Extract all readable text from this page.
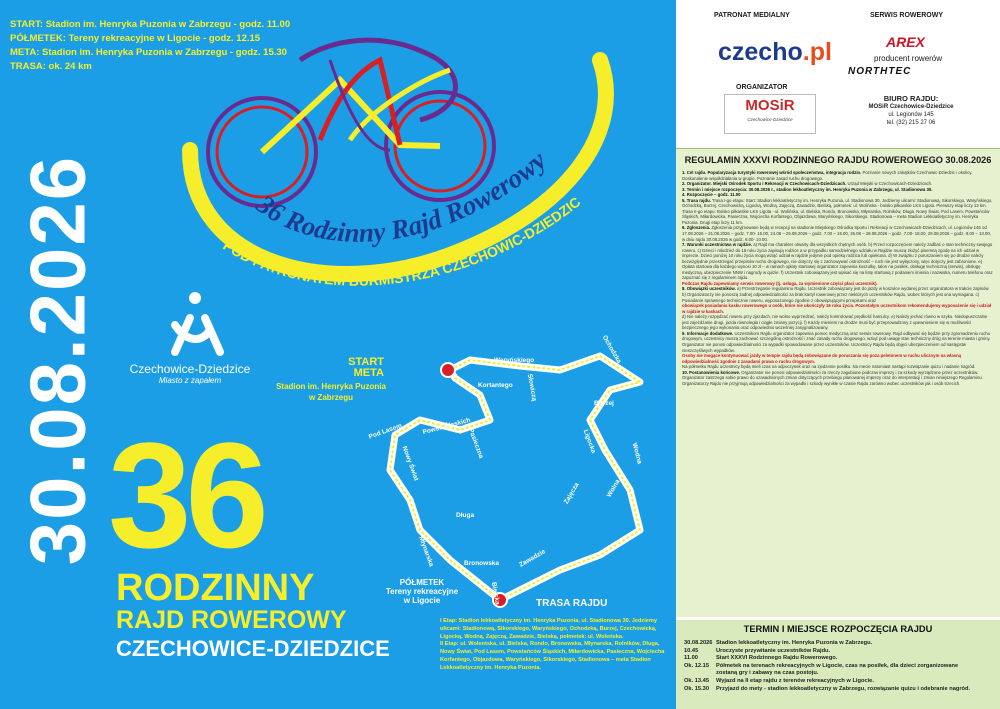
36 Rodzinny Rajd Rowerowy
POD PATRONATEM BURMISTRZA CZECHOWIC-DZIEDZIC
START: Stadion im. Henryka Puzonia w Zabrzegu - godz. 11.00
PÓŁMETEK: Tereny rekreacyjne w Ligocie - godz. 12.15
META: Stadion im. Henryka Puzonia w Zabrzegu - godz. 15.30
TRASA: ok. 24 km
Czechowice-Dziedzice
Miasto z zapałem
30.08.2026 36
RODZINNY
RAJD ROWEROWY
CZECHOWICE-DZIEDZICE
START
META
Stadion im. Henryka Puzonia
w Zabrzegu
Waryńskiego	Ochodzka
Kortantego
Burzej
Słowiczą
Powst. Śląskich
Pod Lasem	Pasieczna	Ligocka	Wodna
Nowy Świat
Zajęcza
Długa
Wolna
Bronowska	Zawadzie
Młynarska
Bielska
PÓŁMETEK
Tereny rekreacyjne
w Ligocie	TRASA RAJDU
I Etap: Stadion lekkoatletyczny im. Henryka Puzonia, ul. Stadionowa 30. Jedziemy ulicami: Stadionową, Sikorskiego, Waryńskiego, Ochodzką, Burzej, Czechowicką, Ligocką, Wodną, Zajęczą, Zawadzie, Bielską, połmetek: ul. Woleńska.
II Etap: ul. Wolentska, ul. Bielska, Rondo, Bronowska, Młynarska, Rolników, Długa, Nowy Świat, Pod Lasem, Powstańców Śląskich, Miłardowicka, Pasieczna, Wojciecha Korfantego, Objazdowa, Waryńskiego, Sikorskiego, Stadionowa – meta Stadion Lekkoatletyczny im. Henryka Puzonia.
PATRONAT MEDIALNY	SERWIS ROWEROWY
czecho.pl	AREX
producent rowerów
NORTHTEC
ORGANIZATOR
MOSiR
Czechowice-Dziedzice
BIURO RAJDU:
MOSiR Czechowice-Dziedzice
ul. Legionów 145
tel. (32) 215 27 06
REGULAMIN XXXVI RODZINNEGO RAJDU ROWEROWEGO 30.08.2026

1. Cel rajdu. Popularyzacja turystyki rowerowej wśród społeczeństwa, integracja rodzin. Poznanie nowych zakątków Czechowic-Dziedzic i okolicy. Doskonalenie współdziałania w grupie. Poznanie zasad ruchu drogowego.

2. Organizator. Miejski Ośrodek Sportu i Rekreacji w Czechowicach-Dziedzicach. Urząd Miejski w Czechowicach-Dziedzicach.

3. Termin i miejsce rozpoczęcia: 30.08.2026 r., stadion lekkoatletyczny im. Henryka Puzonia w Zabrzegu, ul. Stadionowa 30.

4. Rozpoczęcie – godz. 11.00

5. Trasa rajdu. Trasa I-go etapu: Start: Stadion lekkoatletyczny im. Henryka Puzonia, ul. Stadionowa 30. Jedziemy ulicami: Stadionową, Sikorskiego, Waryńskiego, Ochodzką, Burzej, Czechowicką, Ligocką, Wodną, Zajęczą, Zawadzie, Bielską, połmetek: ul. Wolińska - boisko piłkarskie LKS Ligota. Pierwszy etap liczy 13 km. Trasa II-go etapu: Boisko piłkarskie LKS Ligota - ul. Wolińska, ul. Bielska, Rondo, Bronowska, Młynarska, Rolników, Długa, Nowy Świat, Pod Lasem, Powstańców Śląskich, Miłardowicka, Pasieczna, Wojciecha Korfantego, Objazdowa, Waryńskiego, Sikorskiego, Stadionowa – meta Stadion Lekkoatletyczny im. Henryka Puzonia. Drugi etap liczy 11 km.

6. Zgłoszenia. Zgłoszenia przyjmowane będą w recepcji na stadionie Miejskiego Ośrodka Sportu i Rekreacji w Czechowicach-Dziedzicach, ul. Legionów 145 od 17.08.2026 – 21.08.2026 – godz. 7.00- 15.00, 24.08 – 25.08.2026 – godz. 7.00 – 15.00, 26.08 – 28.08.2026 – godz. 7.00- 18.00, 29.08.2026 – godz. 9.00 – 13.00, w dniu rajdu 30.08.2026 w godz. 8.00- 10.00.

7. Warunki uczestnictwa w rajdzie. a) Rajd ma charakter otwarty dla wszystkich chętnych osób. b) Przed rozpoczęciem należy zadbać o stan techniczny swojego roweru. c) Dzieci i młodzież do 18 roku życia zapisują rodzice a w przypadku samodzielnego udziału w Rajdzie muszą złożyć pisemną zgodę na ich udział w imprezie. Dzieci poniżej 10 roku życia mogą wziąć udział w rajdzie jedynie pod opieką rodzica lub opiekuna. d) W związku z poruszaniem się po drodze należy bezwzględnie przestrzegać przepisów ruchu drogowego, nie dotyczy się z zachowywać ostrożność – ruch nie jest wyłączony, więc dotyczy jest zabronione. e) Opłata startowa dla każdego wynosi 10 zł – w ramach opłaty startowej organizator zapewnia koszulkę, talon na posiłek, obsługę techniczną (serwis), obsługę medyczną, ubezpieczenie NNW i nagrody w quizie. f) Uczestnik zobowiązany jest wpisać się na listę startową z podaniem imienia i nazwiska, numeru telefonu oraz zapoznać się z regulaminem rajdu.

Podczas Rajdu zapewniamy serwis rowerowy (tj. usługa, za wymienione części płaci uczestnik).

8. Obowiązki uczestników. a) Przestrzeganie regulaminu Rajdu. Uczestnik zobowiązany jest do jazdy w koszulce wydanej przez organizatora w trakcie zapisów. b) Organizatorzy nie ponoszą żadnej odpowiedzialności za brak kartyl rowerowej przez niektórych uczestników Rajdu, wobec których jest ona wymagana. c) Posiadanie sprawnego technicznie roweru, wyposażonego zgodnie z obowiązującymi przepisami oraz

obowiązek posiadania kasku rowerowego u osób, które nie ukończyły 16 roku życia. Pozostałym uczestnikom rekomendujemy wyposażenie się i udział w rajdzie w kaskach.

d) Nie należy rozpędzać roweru przy zjazdach, nie wolno wyprzedzać, należy kontrolować prędkość hamulcy. e) Należy jechać równo w szyku. Niedopuszczalne jest zajeżdżanie drogi, jazda równoległa i ciągłe zmiany pozycji. f) Każdy mieniem na drodze musi być przeprowadzony z upewnieniem się w możliwości bezpiecznego jego wykonania oraz odpowiednio wcześniej zasygnalizowany.

9. Informacje dodatkowe. Uczestnikom Rajdu organizator zapewnia pomoc medyczną oraz serwis rowerowy. Rajd odbywać się będzie przy zgromadzeniu ruchu drogowym, uczestnicy muszą zachować szczególną ostrożność i znać zasady ruchu drogowego, wziąć pod uwagę stan techniczny dróg na terenie miasta i gminy. Organizator nie ponosi odpowiedzialności za wypadki spowodowane przez uczestników. Uczestnicy Rajdu będą objęci ubezpieczeniem od następstw nieszczęśliwych wypadków.

Osoby nie mogące kontynuować jazdy w tempie rajdu będą zobowiązane do poruszania się poza peletonem w ruchu ulicznym na własną odpowiedzialność zgodnie z zasadami prawa o ruchu drogowym.

Na półmetku Rajdu uczestnicy będą mieli czas na odpoczynek oraz na zjedzenie posiłku. Na mecie natomiast nastąpi rozwiązanie quizu i nadanie nagród.

10. Postanowienia końcowe. Organizator nie ponosi odpowiedzialności za rzeczy zagubione podczas imprezy i za szkody wyrządzone przez uczestników. Organizator zastrzega sobie prawo do uzasadnionych zmian dotyczących przebiegu planowanej imprezy oraz do interpretacji i zmian niniejszego Regulaminu. Organizatorzy Rajdu nie przyjmują odpowiedzialności za wypadki i szkody wynikłe w czasie Rajdu zarówno wobec uczestników jak i osób trzecich.

TERMIN I MIEJSCE ROZPOCZĘCIA RAJDU
30.08.2026 Stadion lekkoatletyczny im. Henryka Puzonia w Zabrzegu.
10.45	Uroczyste przywitanie uczestników Rajdu.
11.00	Start XXXVI Rodzinnego Rajdu Rowerowego.
Ok. 12.15	Półmetek na terenach rekreacyjnych w Ligocie, czas na posiłek, dla dzieci zorganizowane
zostaną gry i zabawy na czas postoju.
Ok. 13.45	Wyjazd na II etap rajdu z terenów rekreacyjnych w Ligocie.
Ok. 15.30	Przyjazd do mety - stadion lekkoatletyczny w Zabrzegu, rozwiązanie quizu i odebranie nagród.
